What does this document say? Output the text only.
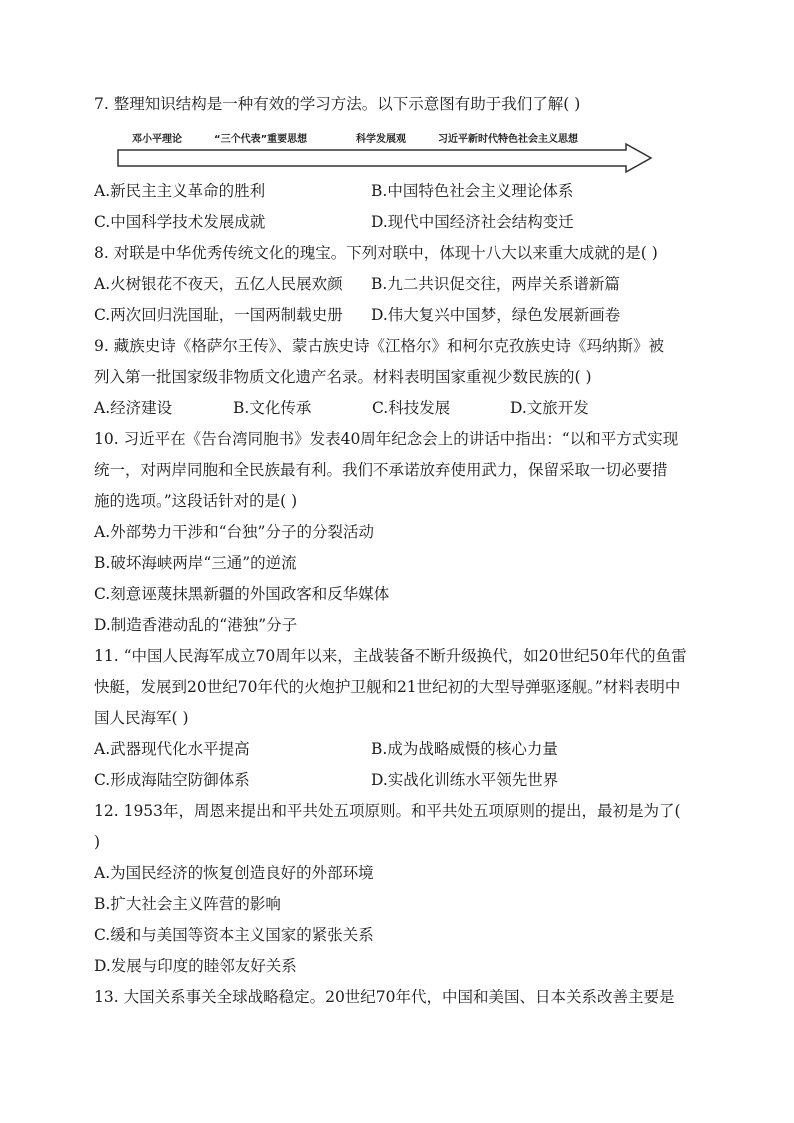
7. 整理知识结构是一种有效的学习方法。以下示意图有助于我们了解( )
邓小平理论	“三个代表”重要思想	科学发展观	习近平新时代特色社会主义思想
A.新民主主义革命的胜利	B.中国特色社会主义理论体系
C.中国科学技术发展成就	D.现代中国经济社会结构变迁
8. 对联是中华优秀传统文化的瑰宝。下列对联中，体现十八大以来重大成就的是( )
A.火树银花不夜天，五亿人民展欢颜 B.九二共识促交往，两岸关系谱新篇
C.两次回归洗国耻，一国两制载史册 D.伟大复兴中国梦，绿色发展新画卷
9. 藏族史诗《格萨尔王传》、蒙古族史诗《江格尔》和柯尔克孜族史诗《玛纳斯》被
列入第一批国家级非物质文化遗产名录。材料表明国家重视少数民族的( )
A.经济建设	B.文化传承	C.科技发展	D.文旅开发
10. 习近平在《告台湾同胞书》发表40周年纪念会上的讲话中指出：“以和平方式实现
统一，对两岸同胞和全民族最有利。我们不承诺放弃使用武力，保留采取一切必要措
施的选项。”这段话针对的是( )
A.外部势力干涉和“台独”分子的分裂活动
B.破坏海峡两岸“三通”的逆流
C.刻意诬蔑抹黑新疆的外国政客和反华媒体
D.制造香港动乱的“港独”分子
11. “中国人民海军成立70周年以来，主战装备不断升级换代，如20世纪50年代的鱼雷
快艇，发展到20世纪70年代的火炮护卫舰和21世纪初的大型导弹驱逐舰。”材料表明中
国人民海军( )
A.武器现代化水平提高	B.成为战略威慑的核心力量
C.形成海陆空防御体系	D.实战化训练水平领先世界
12. 1953年，周恩来提出和平共处五项原则。和平共处五项原则的提出，最初是为了(
)
A.为国民经济的恢复创造良好的外部环境
B.扩大社会主义阵营的影响
C.缓和与美国等资本主义国家的紧张关系
D.发展与印度的睦邻友好关系
13. 大国关系事关全球战略稳定。20世纪70年代，中国和美国、日本关系改善主要是
